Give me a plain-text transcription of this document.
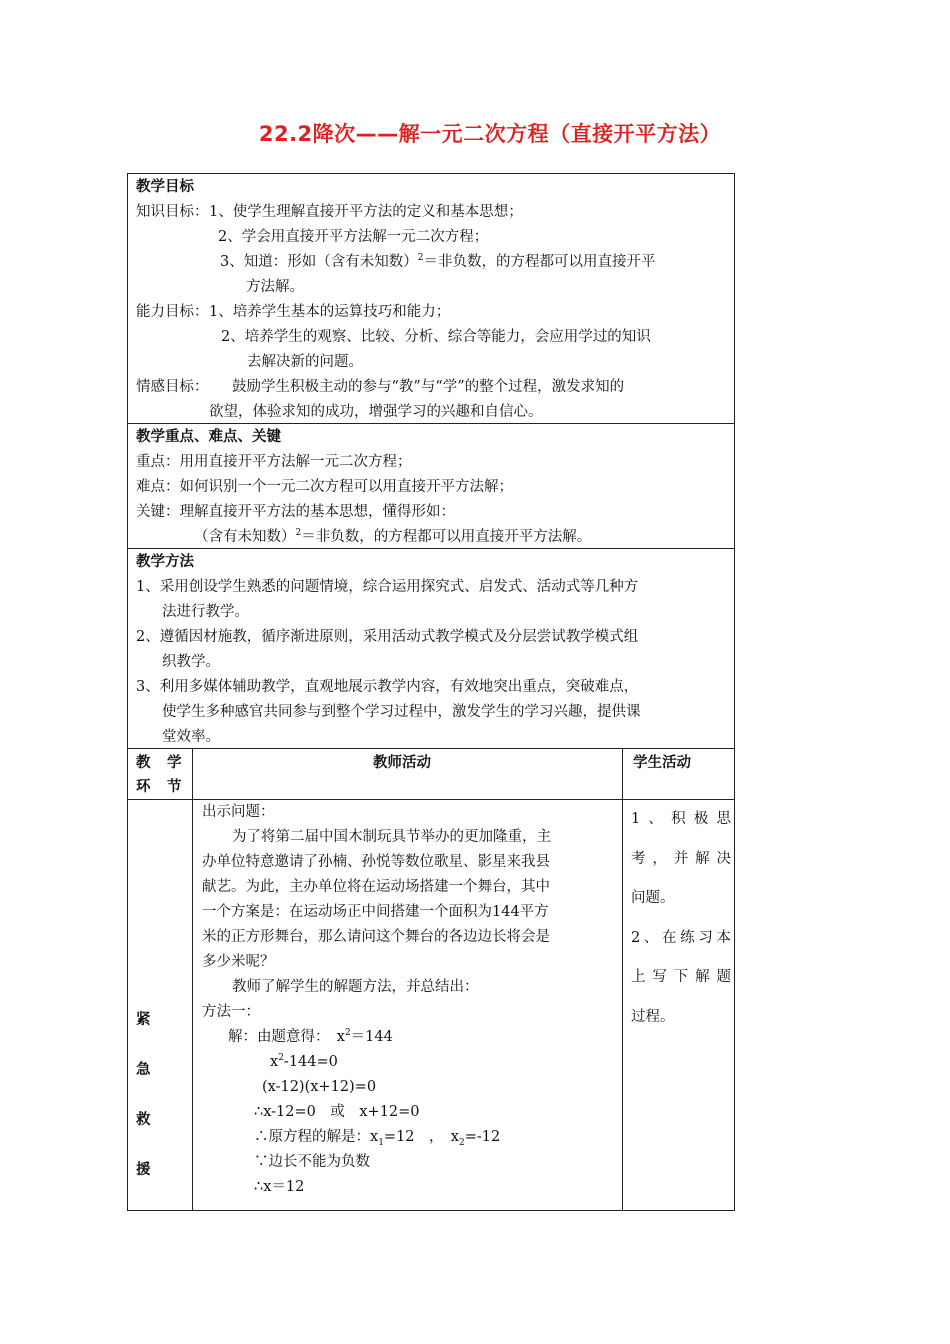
22.2降次——解一元二次方程（直接开平方法）
教学目标
知识目标： 1、使学生理解直接开平方法的定义和基本思想；
2、学会用直接开平方法解一元二次方程；
3、知道：形如（含有未知数）$^2$＝非负数，的方程都可以用直接开平
方法解。
能力目标： 1、培养学生基本的运算技巧和能力；
2、培养学生的观察、比较、分析、综合等能力，会应用学过的知识
去解决新的问题。
情感目标： 鼓励学生积极主动的参与“教”与“学”的整个过程，激发求知的
欲望，体验求知的成功，增强学习的兴趣和自信心。
教学重点、难点、关键
重点：用用直接开平方法解一元二次方程；
难点：如何识别一个一元二次方程可以用直接开平方法解；
关键：理解直接开平方法的基本思想，懂得形如：
（含有未知数）$^2$＝非负数，的方程都可以用直接开平方法解。
教学方法
1、采用创设学生熟悉的问题情境，综合运用探究式、启发式、活动式等几种方
法进行教学。
2、遵循因材施教，循序渐进原则，采用活动式教学模式及分层尝试教学模式组
织教学。
3、利用多媒体辅助教学，直观地展示教学内容，有效地突出重点，突破难点，
使学生多种感官共同参与到整个学习过程中，激发学生的学习兴趣，提供课
堂效率。
教　学
环　节
教师活动	学生活动
紧
急
救
援
出示问题：
为了将第二届中国木制玩具节举办的更加隆重，主
办单位特意邀请了孙楠、孙悦等数位歌星、影星来我县
献艺。为此，主办单位将在运动场搭建一个舞台，其中
一个方案是：在运动场正中间搭建一个面积为144平方
米的正方形舞台，那么请问这个舞台的各边边长将会是
多少米呢？
教师了解学生的解题方法，并总结出：
方法一：
解：由题意得：　$x^2=144$
$x^2-144=0$
(x-12)(x+12)=0
∴x-12=0　或　x+12=0
∴原方程的解是：$x_1=12$　，　$x_2=-12$
∵边长不能为负数
∴x＝12
1、积极思
考，并解决
问题。
2、在练习本
上写下解题
过程。
